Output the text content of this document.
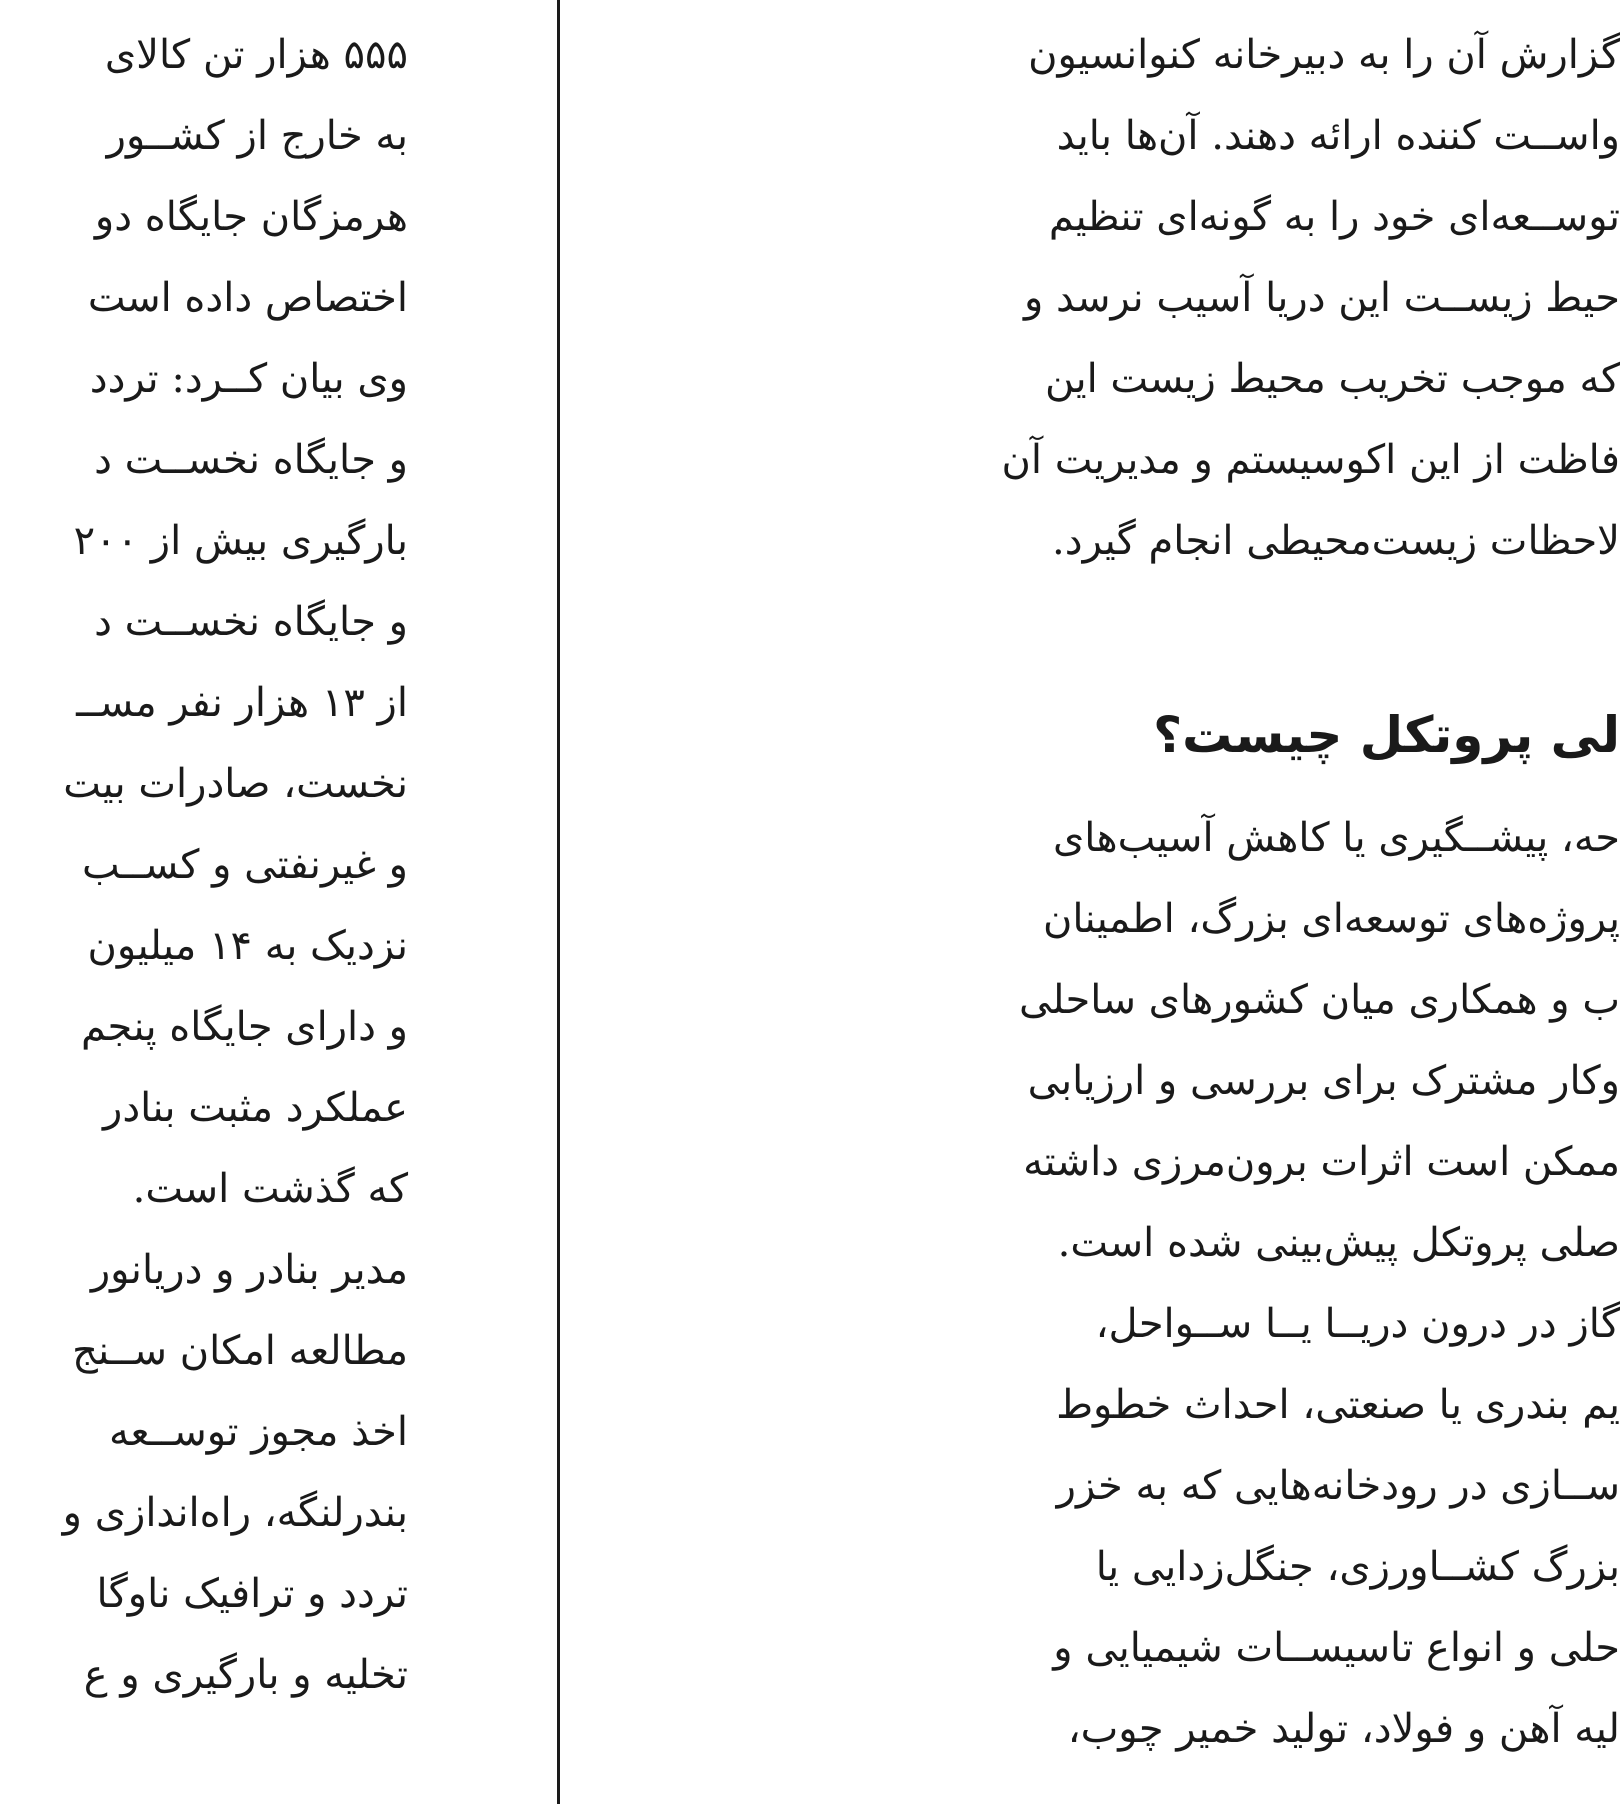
۵۵۵ هزار تن کالای
به خارج از کشــور
هرمزگان جایگاه دو
اختصاص داده است
وی بیان کــرد: تردد
و جایگاه نخســت د
بارگیری بیش از ۲۰۰
و جایگاه نخســت د
از ۱۳ هزار نفر مســ
نخست، صادرات بیت
و غیرنفتی و کســب
نزدیک به ۱۴ میلیون
و دارای جایگاه پنجم
عملکرد مثبت بنادر
که گذشت است.
مدیر بنادر و دریانور
مطالعه امکان ســنج
اخذ مجوز توســعه
بندرلنگه، راه‌اندازی و
تردد و ترافیک ناوگا
تخلیه و بارگیری و ع
گزارش آن را به دبیرخانه کنوانسیون
واســت کننده ارائه دهند. آن‌ها باید
توســعه‌ای خود را به گونه‌ای تنظیم
حیط زیســت این دریا آسیب نرسد و
که موجب تخریب محیط زیست این
فاظت از این اکوسیستم و مدیریت آن
لاحظات زیست‌محیطی انجام گیرد.
لی پروتکل چیست؟
حه، پیشــگیری یا کاهش آسیب‌های
پروژه‌های توسعه‌ای بزرگ، اطمینان
ب و همکاری میان کشورهای ساحلی
وکار مشترک برای بررسی و ارزیابی
ممکن است اثرات برون‌مرزی داشته
صلی پروتکل پیش‌بینی شده است.
گاز در درون دریــا یــا ســواحل،
یم بندری یا صنعتی، احداث خطوط
ســازی در رودخانه‌هایی که به خزر
بزرگ کشــاورزی، جنگل‌زدایی یا
حلی و انواع تاسیســات شیمیایی و
لیه آهن و فولاد، تولید خمیر چوب،
